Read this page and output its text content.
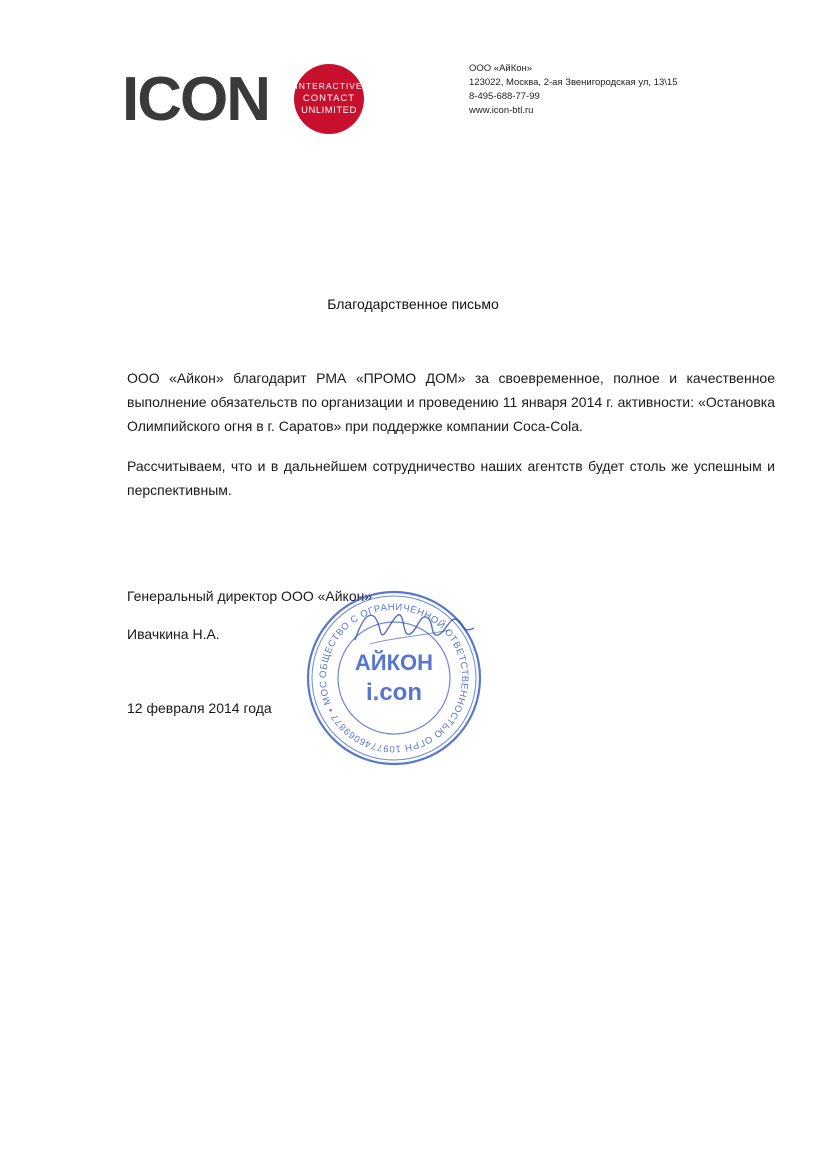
ICON	INTERACTIVE
CONTACT
UNLIMITED
ООО «АйКон»
123022, Москва, 2-ая Звенигородская ул, 13\15
8-495-688-77-99
www.icon-btl.ru
Благодарственное письмо

ООО «Айкон» благодарит РМА «ПРОМО ДОМ» за своевременное, полное и качественное выполнение обязательств по организации и проведению 11 января 2014 г. активности: «Остановка Олимпийского огня в г. Саратов» при поддержке компании Coca-Cola.

Рассчитываем, что и в дальнейшем сотрудничество наших агентств будет столь же успешным и перспективным.

Генеральный директор ООО «Айкон»
Ивачкина Н.А.
12 февраля 2014 года
ОБЩЕСТВО С ОГРАНИЧЕННОЙ ОТВЕТСТВЕННОСТЬЮ ОГРН 1097746069877 • МОС
АЙКОН
i.con
